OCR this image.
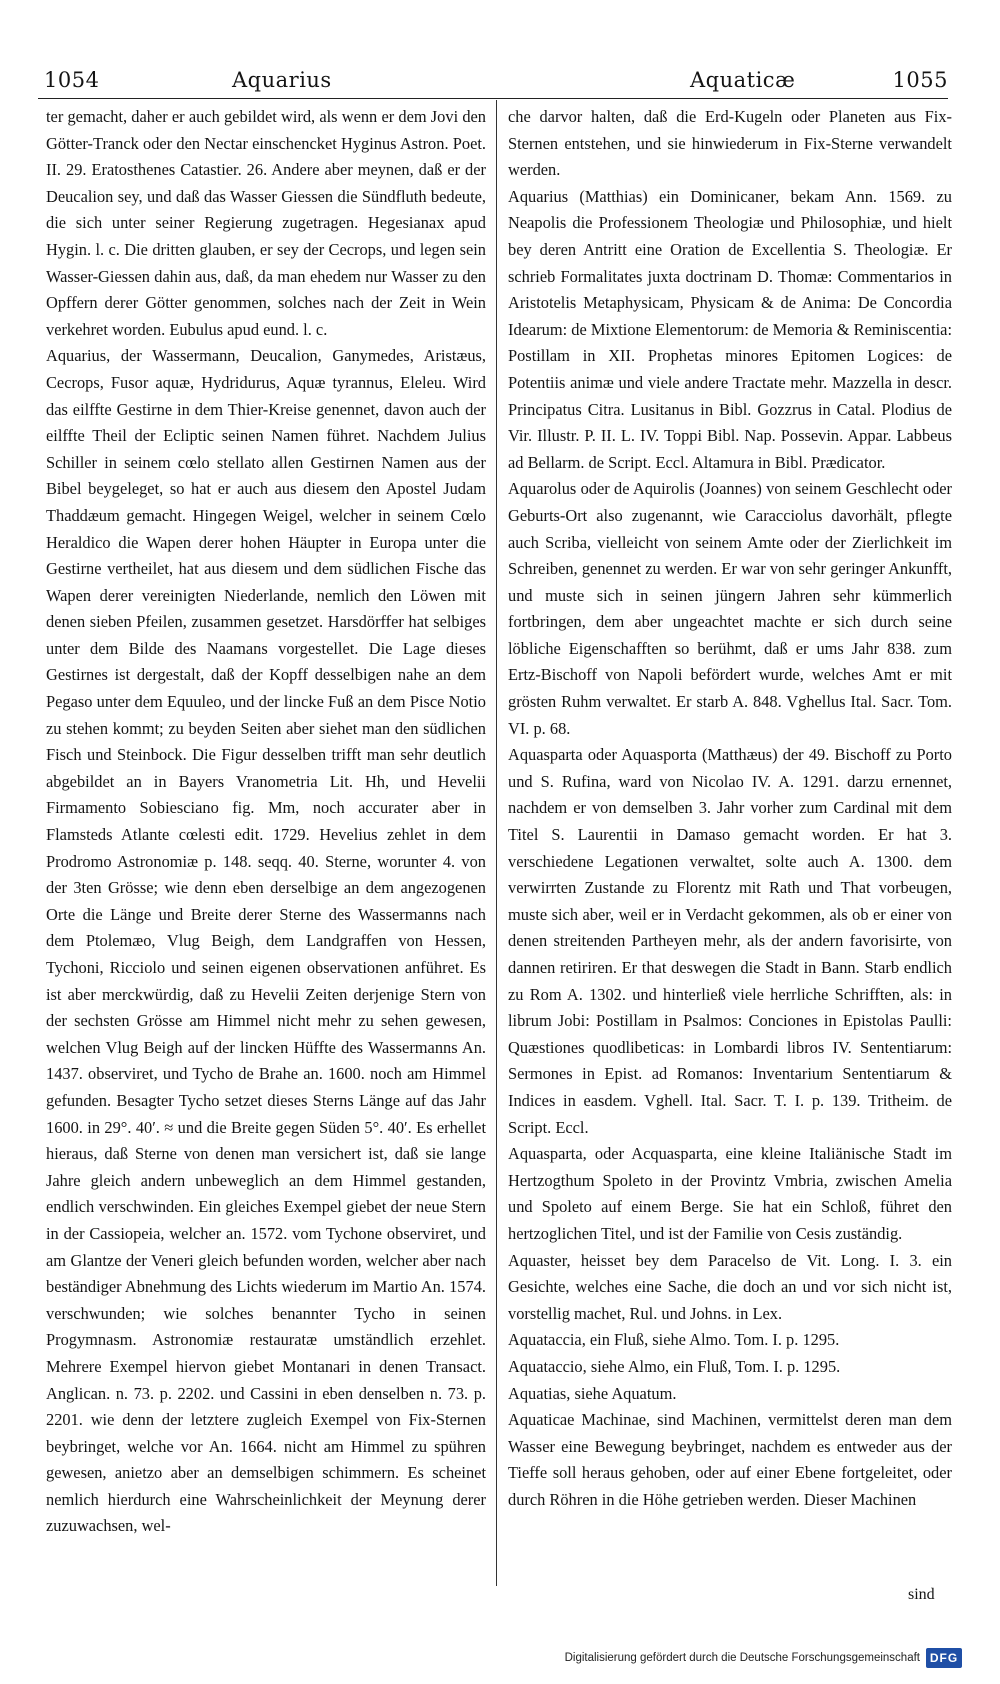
1054	Aquarius	Aquaticæ	1055

ter gemacht, daher er auch gebildet wird, als wenn er dem Jovi den Götter-Tranck oder den Nectar einschencket Hyginus Astron. Poet. II. 29. Eratosthenes Catastier. 26. Andere aber meynen, daß er der Deucalion sey, und daß das Wasser Giessen die Sündfluth bedeute, die sich unter seiner Regierung zugetragen. Hegesianax apud Hygin. l. c. Die dritten glauben, er sey der Cecrops, und legen sein Wasser-Giessen dahin aus, daß, da man ehedem nur Wasser zu den Opffern derer Götter genommen, solches nach der Zeit in Wein verkehret worden. Eubulus apud eund. l. c.

Aquarius, der Wassermann, Deucalion, Ganymedes, Aristæus, Cecrops, Fusor aquæ, Hydridurus, Aquæ tyrannus, Eleleu. Wird das eilffte Gestirne in dem Thier-Kreise genennet, davon auch der eilffte Theil der Ecliptic seinen Namen führet. Nachdem Julius Schiller in seinem cœlo stellato allen Gestirnen Namen aus der Bibel beygeleget, so hat er auch aus diesem den Apostel Judam Thaddæum gemacht. Hingegen Weigel, welcher in seinem Cœlo Heraldico die Wapen derer hohen Häupter in Europa unter die Gestirne vertheilet, hat aus diesem und dem südlichen Fische das Wapen derer vereinigten Niederlande, nemlich den Löwen mit denen sieben Pfeilen, zusammen gesetzet. Harsdörffer hat selbiges unter dem Bilde des Naamans vorgestellet. Die Lage dieses Gestirnes ist dergestalt, daß der Kopff desselbigen nahe an dem Pegaso unter dem Equuleo, und der lincke Fuß an dem Pisce Notio zu stehen kommt; zu beyden Seiten aber siehet man den südlichen Fisch und Steinbock. Die Figur desselben trifft man sehr deutlich abgebildet an in Bayers Vranometria Lit. Hh, und Hevelii Firmamento Sobiesciano fig. Mm, noch accurater aber in Flamsteds Atlante cœlesti edit. 1729. Hevelius zehlet in dem Prodromo Astronomiæ p. 148. seqq. 40. Sterne, worunter 4. von der 3ten Grösse; wie denn eben derselbige an dem angezogenen Orte die Länge und Breite derer Sterne des Wassermanns nach dem Ptolemæo, Vlug Beigh, dem Landgraffen von Hessen, Tychoni, Ricciolo und seinen eigenen observationen anführet. Es ist aber merckwürdig, daß zu Hevelii Zeiten derjenige Stern von der sechsten Grösse am Himmel nicht mehr zu sehen gewesen, welchen Vlug Beigh auf der lincken Hüffte des Wassermanns An. 1437. observiret, und Tycho de Brahe an. 1600. noch am Himmel gefunden. Besagter Tycho setzet dieses Sterns Länge auf das Jahr 1600. in 29°. 40′. ≈ und die Breite gegen Süden 5°. 40′. Es erhellet hieraus, daß Sterne von denen man versichert ist, daß sie lange Jahre gleich andern unbeweglich an dem Himmel gestanden, endlich verschwinden. Ein gleiches Exempel giebet der neue Stern in der Cassiopeia, welcher an. 1572. vom Tychone observiret, und am Glantze der Veneri gleich befunden worden, welcher aber nach beständiger Abnehmung des Lichts wiederum im Martio An. 1574. verschwunden; wie solches benannter Tycho in seinen Progymnasm. Astronomiæ restauratæ umständlich erzehlet. Mehrere Exempel hiervon giebet Montanari in denen Transact. Anglican. n. 73. p. 2202. und Cassini in eben denselben n. 73. p. 2201. wie denn der letztere zugleich Exempel von Fix-Sternen beybringet, welche vor An. 1664. nicht am Himmel zu spühren gewesen, anietzo aber an demselbigen schimmern. Es scheinet nemlich hierdurch eine Wahrscheinlichkeit der Meynung derer zuzuwachsen, wel-

che darvor halten, daß die Erd-Kugeln oder Planeten aus Fix-Sternen entstehen, und sie hinwiederum in Fix-Sterne verwandelt werden.

Aquarius (Matthias) ein Dominicaner, bekam Ann. 1569. zu Neapolis die Professionem Theologiæ und Philosophiæ, und hielt bey deren Antritt eine Oration de Excellentia S. Theologiæ. Er schrieb Formalitates juxta doctrinam D. Thomæ: Commentarios in Aristotelis Metaphysicam, Physicam & de Anima: De Concordia Idearum: de Mixtione Elementorum: de Memoria & Reminiscentia: Postillam in XII. Prophetas minores Epitomen Logices: de Potentiis animæ und viele andere Tractate mehr. Mazzella in descr. Principatus Citra. Lusitanus in Bibl. Gozzrus in Catal. Plodius de Vir. Illustr. P. II. L. IV. Toppi Bibl. Nap. Possevin. Appar. Labbeus ad Bellarm. de Script. Eccl. Altamura in Bibl. Prædicator.

Aquarolus oder de Aquirolis (Joannes) von seinem Geschlecht oder Geburts-Ort also zugenannt, wie Caracciolus davorhält, pflegte auch Scriba, vielleicht von seinem Amte oder der Zierlichkeit im Schreiben, genennet zu werden. Er war von sehr geringer Ankunfft, und muste sich in seinen jüngern Jahren sehr kümmerlich fortbringen, dem aber ungeachtet machte er sich durch seine löbliche Eigenschafften so berühmt, daß er ums Jahr 838. zum Ertz-Bischoff von Napoli befördert wurde, welches Amt er mit grösten Ruhm verwaltet. Er starb A. 848. Vghellus Ital. Sacr. Tom. VI. p. 68.

Aquasparta oder Aquasporta (Matthæus) der 49. Bischoff zu Porto und S. Rufina, ward von Nicolao IV. A. 1291. darzu ernennet, nachdem er von demselben 3. Jahr vorher zum Cardinal mit dem Titel S. Laurentii in Damaso gemacht worden. Er hat 3. verschiedene Legationen verwaltet, solte auch A. 1300. dem verwirrten Zustande zu Florentz mit Rath und That vorbeugen, muste sich aber, weil er in Verdacht gekommen, als ob er einer von denen streitenden Partheyen mehr, als der andern favorisirte, von dannen retiriren. Er that deswegen die Stadt in Bann. Starb endlich zu Rom A. 1302. und hinterließ viele herrliche Schrifften, als: in librum Jobi: Postillam in Psalmos: Conciones in Epistolas Paulli: Quæstiones quodlibeticas: in Lombardi libros IV. Sententiarum: Sermones in Epist. ad Romanos: Inventarium Sententiarum & Indices in easdem. Vghell. Ital. Sacr. T. I. p. 139. Tritheim. de Script. Eccl.

Aquasparta, oder Acquasparta, eine kleine Italiänische Stadt im Hertzogthum Spoleto in der Provintz Vmbria, zwischen Amelia und Spoleto auf einem Berge. Sie hat ein Schloß, führet den hertzoglichen Titel, und ist der Familie von Cesis zuständig.

Aquaster, heisset bey dem Paracelso de Vit. Long. I. 3. ein Gesichte, welches eine Sache, die doch an und vor sich nicht ist, vorstellig machet, Rul. und Johns. in Lex.

Aquataccia, ein Fluß, siehe Almo. Tom. I. p. 1295.

Aquataccio, siehe Almo, ein Fluß, Tom. I. p. 1295.

Aquatias, siehe Aquatum.

Aquaticae Machinae, sind Machinen, vermittelst deren man dem Wasser eine Bewegung beybringet, nachdem es entweder aus der Tieffe soll heraus gehoben, oder auf einer Ebene fortgeleitet, oder durch Röhren in die Höhe getrieben werden. Dieser Machinen

sind
Digitalisierung gefördert durch die Deutsche Forschungsgemeinschaft DFG
